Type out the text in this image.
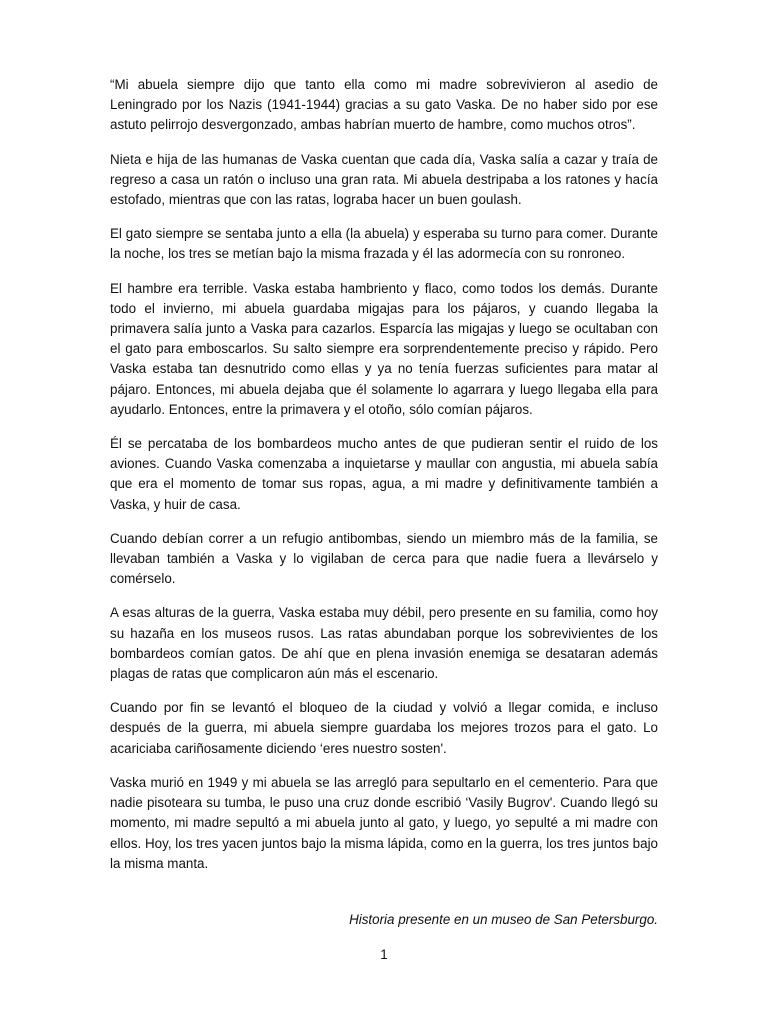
“Mi abuela siempre dijo que tanto ella como mi madre sobrevivieron al asedio de Leningrado por los Nazis (1941-1944) gracias a su gato Vaska. De no haber sido por ese astuto pelirrojo desvergonzado, ambas habrían muerto de hambre, como muchos otros”.

Nieta e hija de las humanas de Vaska cuentan que cada día, Vaska salía a cazar y traía de regreso a casa un ratón o incluso una gran rata. Mi abuela destripaba a los ratones y hacía estofado, mientras que con las ratas, lograba hacer un buen goulash.

El gato siempre se sentaba junto a ella (la abuela) y esperaba su turno para comer. Durante la noche, los tres se metían bajo la misma frazada y él las adormecía con su ronroneo.

El hambre era terrible. Vaska estaba hambriento y flaco, como todos los demás. Durante todo el invierno, mi abuela guardaba migajas para los pájaros, y cuando llegaba la primavera salía junto a Vaska para cazarlos. Esparcía las migajas y luego se ocultaban con el gato para emboscarlos. Su salto siempre era sorprendentemente preciso y rápido. Pero Vaska estaba tan desnutrido como ellas y ya no tenía fuerzas suficientes para matar al pájaro. Entonces, mi abuela dejaba que él solamente lo agarrara y luego llegaba ella para ayudarlo. Entonces, entre la primavera y el otoño, sólo comían pájaros.

Él se percataba de los bombardeos mucho antes de que pudieran sentir el ruido de los aviones. Cuando Vaska comenzaba a inquietarse y maullar con angustia, mi abuela sabía que era el momento de tomar sus ropas, agua, a mi madre y definitivamente también a Vaska, y huir de casa.

Cuando debían correr a un refugio antibombas, siendo un miembro más de la familia, se llevaban también a Vaska y lo vigilaban de cerca para que nadie fuera a llevárselo y comérselo.

A esas alturas de la guerra, Vaska estaba muy débil, pero presente en su familia, como hoy su hazaña en los museos rusos. Las ratas abundaban porque los sobrevivientes de los bombardeos comían gatos. De ahí que en plena invasión enemiga se desataran además plagas de ratas que complicaron aún más el escenario.

Cuando por fin se levantó el bloqueo de la ciudad y volvió a llegar comida, e incluso después de la guerra, mi abuela siempre guardaba los mejores trozos para el gato. Lo acariciaba cariñosamente diciendo ‘eres nuestro sosten'.

Vaska murió en 1949 y mi abuela se las arregló para sepultarlo en el cementerio. Para que nadie pisoteara su tumba, le puso una cruz donde escribió ‘Vasily Bugrov'. Cuando llegó su momento, mi madre sepultó a mi abuela junto al gato, y luego, yo sepulté a mi madre con ellos. Hoy, los tres yacen juntos bajo la misma lápida, como en la guerra, los tres juntos bajo la misma manta.

Historia presente en un museo de San Petersburgo.

1
